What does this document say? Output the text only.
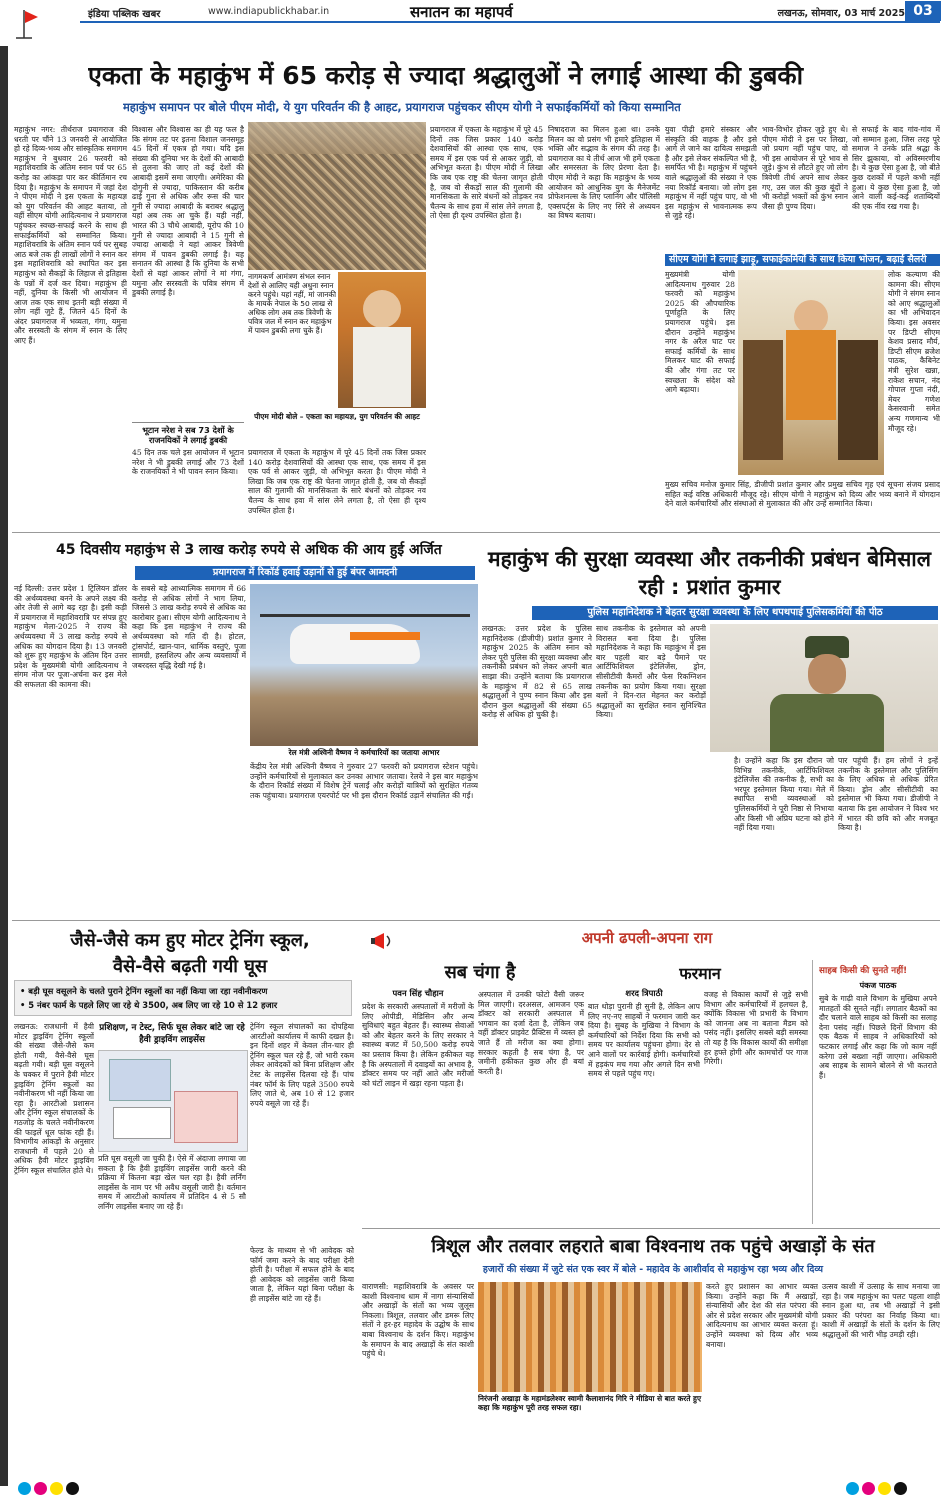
इंडिया पब्लिक खबर	www.indiapublickhabar.in	सनातन का महापर्व	लखनऊ, सोमवार, 03 मार्च 2025 03
एकता के महाकुंभ में 65 करोड़ से ज्यादा श्रद्धालुओं ने लगाई आस्था की डुबकी
महाकुंभ समापन पर बोले पीएम मोदी, ये युग परिवर्तन की है आहट, प्रयागराज पहुंचकर सीएम योगी ने सफाईकर्मियों को किया सम्मानित
महाकुंभ नगर: तीर्थराज प्रयागराज की धरती पर चौंने 13 जनवरी से आयोजित हो रहे दिव्य-भव्य और सांस्कृतिक समागम महाकुंभ ने बुधवार 26 फरवरी को महाशिवरात्रि के अंतिम स्नान पर्व पर 65 करोड़ का आंकड़ा पार कर कीर्तिमान रच दिया है। महाकुंभ के समापन में जहां देश ने पीएम मोदी ने इस एकता के महायज्ञ को युग परिवर्तन की आहट बताया, तो वहीं सीएम योगी आदित्यनाथ ने प्रयागराज पहुंचकर स्वच्छ-सफाई करने के साथ ही सफाईकर्मियों को सम्मानित किया। महाशिवरात्रि के अंतिम स्नान पर्व पर सुबह आठ बजे तक ही लाखों लोगों ने स्नान कर इस महाशिवरात्रि को स्थापित कर इस महाकुंभ को सैकड़ों के लिहाज से इतिहास के पन्नों में दर्ज कर दिया। महाकुंभ ही नहीं, दुनिया के किसी भी आयोजन में आज तक एक साथ इतनी बड़ी संख्या में लोग नहीं जुटे हैं, जितने 45 दिनों के अंदर प्रयागराज में भव्यता, गंगा, यमुना और सरस्वती के संगम में स्नान के लिए आए हैं।
विश्वास और विश्वास का ही यह फल है कि संगम तट पर इतना विशाल जनसमूह 45 दिनों में एकत्र हो गया। यदि इस संख्या की दुनिया भर के देशों की आबादी से तुलना की जाए तो कई देशों की आबादी इसमें समा जाएगी। अमेरिका की दोगुनी से ज्यादा, पाकिस्तान की करीब ढाई गुना से अधिक और रूस की चार गुनी से ज्यादा आबादी के बराबर श्रद्धालु यहां अब तक आ चुके हैं। यही नहीं, भारत की 3 चौथे आबादी, यूरोप की 10 गुनी से ज्यादा आबादी ने 15 गुनी से ज्यादा आबादी ने यहां आकर त्रिवेणी संगम में पावन डुबकी लगाई है। यह सनातन की आस्था है कि दुनिया के सभी देशों से यहां आकर लोगों ने मां गंगा, यमुना और सरस्वती के पवित्र संगम में डुबकी लगाई है।
नागमकर्ण आमंत्रण संभल स्नान देशों से आलिए यही अधुना स्नान करने पहुंचे। यहां नहीं, मां जानकी के मायके नेपाल के 50 लाख से अधिक लोग अब तक त्रिवेणी के पवित्र जल में स्नान कर महाकुंभ में पावन डुबकी लगा चुके हैं।
भूटान नरेश ने सब 73 देशों के राजनयिकों ने लगाई डुबकी
45 दिन तक चले इस आयोजन में भूटान नरेश ने भी डुबकी लगाई और 73 देशों के राजनयिकों ने भी पावन स्नान किया।
पीएम मोदी बोले – एकता का महायज्ञ, युग परिवर्तन की आहट
प्रयागराज में एकता के महाकुंभ में पूरे 45 दिनों तक जिस प्रकार 140 करोड़ देशवासियों की आस्था एक साथ, एक समय में इस एक पर्व से आकर जुड़ी, वो अभिभूत करता है। पीएम मोदी ने लिखा कि जब एक राष्ट्र की चेतना जागृत होती है, जब वो सैकड़ों साल की गुलामी की मानसिकता के सारे बंधनों को तोड़कर नव चैतन्य के साथ हवा में सांस लेने लगता है, तो ऐसा ही दृश्य उपस्थित होता है।
प्रयागराज में एकता के महाकुंभ में पूरे 45 दिनों तक जिस प्रकार 140 करोड़ देशवासियों की आस्था एक साथ, एक समय में इस एक पर्व से आकर जुड़ी, वो अभिभूत करता है। पीएम मोदी ने लिखा कि जब एक राष्ट्र की चेतना जागृत होती है, जब वो सैकड़ों साल की गुलामी की मानसिकता के सारे बंधनों को तोड़कर नव चैतन्य के साथ हवा में सांस लेने लगता है, तो ऐसा ही दृश्य उपस्थित होता है।
निषादराज का मिलन हुआ था। उनके मिलन का वो प्रसंग भी हमारे इतिहास में भक्ति और सद्भाव के संगम की तरह है। प्रयागराज का ये तीर्थ आज भी हमें एकता और समरसता के लिए प्रेरणा देता है। पीएम मोदी ने कहा कि महाकुंभ के भव्य आयोजन को आधुनिक युग के मैनेजमेंट प्रोफेशनल्स के लिए प्लानिंग और पॉलिसी एक्सपर्ट्स के लिए नए सिरे से अध्ययन का विषय बताया।
युवा पीढ़ी हमारे संस्कार और संस्कृति की वाहक है और इसे आगे ले जाने का दायित्व समझती है और इसे लेकर संकल्पित भी है, समर्पित भी है। महाकुंभ में पहुंचने वाले श्रद्धालुओं की संख्या ने एक नया रिकॉर्ड बनाया। जो लोग इस महाकुंभ में नहीं पहुंच पाए, वो भी इस महाकुंभ से भावनात्मक रूप से जुड़े रहे।
भाव-विभोर होकर जुड़े हुए थे। पीएम मोदी ने इस पर लिखा, जो प्रयाग नहीं पहुंच पाए, वो भी इस आयोजन से पूरे भाव से जुड़े। कुंभ से लौटते हुए जो लोग त्रिवेणी तीर्थ अपने साथ लेकर गए, उस जल की कुछ बूंदों ने भी करोड़ों भक्तों को कुंभ स्नान जैसा ही पुण्य दिया।
से सफाई के बाद गांव-गांव में जो सम्मान हुआ, जिस तरह पूरे समाज ने उनके प्रति श्रद्धा के सिर झुकाया, वो अविस्मरणीय है। ये कुछ ऐसा हुआ है, जो बीते कुछ दशकों में पहले कभी नहीं हुआ। ये कुछ ऐसा हुआ है, जो आने वाली कई-कई शताब्दियों की एक नींव रख गया है।
सीएम योगी ने लगाई झाड़ू, सफाईकर्मियों के साथ किया भोजन, बढ़ाई सैलरी
मुख्यमंत्री योगी आदित्यनाथ गुरुवार 28 फरवरी को महाकुंभ 2025 की औपचारिक पूर्णाहुति के लिए प्रयागराज पहुंचे। इस दौरान उन्होंने महाकुंभ नगर के अरैल घाट पर सफाई कर्मियों के साथ मिलकर घाट की सफाई की और गंगा तट पर स्वच्छता के संदेश को आगे बढ़ाया।
लोक कल्याण की कामना की। सीएम योगी ने संगम स्नान को आए श्रद्धालुओं का भी अभिवादन किया। इस अवसर पर डिप्टी सीएम केशव प्रसाद मौर्य, डिप्टी सीएम ब्रजेश पाठक, कैबिनेट मंत्री सुरेश खन्ना, राकेश सचान, नंद गोपाल गुप्ता नंदी, मेयर गणेश केसरवानी समेत अन्य गणमान्य भी मौजूद रहे।
मुख्य सचिव मनोज कुमार सिंह, डीजीपी प्रशांत कुमार और प्रमुख सचिव गृह एवं सूचना संजय प्रसाद सहित कई वरिष्ठ अधिकारी मौजूद रहे। सीएम योगी ने महाकुंभ को दिव्य और भव्य बनाने में योगदान देने वाले कर्मचारियों और संस्थाओं से मुलाकात की और उन्हें सम्मानित किया।
45 दिवसीय महाकुंभ से 3 लाख करोड़ रुपये से अधिक की आय हुई अर्जित
प्रयागराज में रिकॉर्ड हवाई उड़ानों से हुई बंपर आमदनी
नई दिल्ली: उत्तर प्रदेश 1 ट्रिलियन डॉलर की अर्थव्यवस्था बनने के अपने लक्ष्य की ओर तेजी से आगे बढ़ रहा है। इसी कड़ी में प्रयागराज में महाशिवरात्रि पर संपन्न हुए महाकुंभ मेला-2025 ने राज्य की अर्थव्यवस्था में 3 लाख करोड़ रुपये से अधिक का योगदान दिया है। 13 जनवरी को शुरू हुए महाकुंभ के अंतिम दिन उत्तर प्रदेश के मुख्यमंत्री योगी आदित्यनाथ ने संगम नोज पर पूजा-अर्चना कर इस मेले की सफलता की कामना की।
के सबसे बड़े आध्यात्मिक समागम में 66 करोड़ से अधिक लोगों ने भाग लिया, जिससे 3 लाख करोड़ रुपये से अधिक का कारोबार हुआ। सीएम योगी आदित्यनाथ ने कहा कि इस महाकुंभ ने राज्य की अर्थव्यवस्था को गति दी है। होटल, ट्रांसपोर्ट, खान-पान, धार्मिक वस्तुएं, पूजा सामग्री, हस्तशिल्प और अन्य व्यवसायों में जबरदस्त वृद्धि देखी गई है।
रेल मंत्री अश्विनी वैष्णव ने कर्मचारियों का जताया आभार
केंद्रीय रेल मंत्री अश्विनी वैष्णव ने गुरुवार 27 फरवरी को प्रयागराज स्टेशन पहुंचे। उन्होंने कर्मचारियों से मुलाकात कर उनका आभार जताया। रेलवे ने इस बार महाकुंभ के दौरान रिकॉर्ड संख्या में विशेष ट्रेनें चलाईं और करोड़ों यात्रियों को सुरक्षित गंतव्य तक पहुंचाया। प्रयागराज एयरपोर्ट पर भी इस दौरान रिकॉर्ड उड़ानें संचालित की गईं।
महाकुंभ की सुरक्षा व्यवस्था और तकनीकी प्रबंधन बेमिसाल रही : प्रशांत कुमार
पुलिस महानिदेशक ने बेहतर सुरक्षा व्यवस्था के लिए थपथपाई पुलिसकर्मियों की पीठ
लखनऊ: उत्तर प्रदेश के पुलिस महानिदेशक (डीजीपी) प्रशांत कुमार ने महाकुंभ 2025 के अंतिम स्नान को लेकर पूरी पुलिस की सुरक्षा व्यवस्था और तकनीकी प्रबंधन को लेकर अपनी बात साझा की। उन्होंने बताया कि प्रयागराज के महाकुंभ में 82 से 65 लाख श्रद्धालुओं ने पुण्य स्नान किया और इस दौरान कुल श्रद्धालुओं की संख्या 65 करोड़ से अधिक हो चुकी है।
साथ तकनीक के इस्तेमाल को अपनी विरासत बना दिया है। पुलिस महानिदेशक ने कहा कि महाकुंभ में इस बार पहली बार बड़े पैमाने पर आर्टिफिशियल इंटेलिजेंस, ड्रोन, सीसीटीवी कैमरों और फेस रिकग्निशन तकनीक का प्रयोग किया गया। सुरक्षा बलों ने दिन-रात मेहनत कर करोड़ों श्रद्धालुओं का सुरक्षित स्नान सुनिश्चित किया।
है। उन्होंने कहा कि इस दौरान जो विभिन्न तकनीकें, आर्टिफिशियल इंटेलिजेंस की तकनीक है, सभी का भरपूर इस्तेमाल किया गया। मेले में स्थापित सभी व्यवस्थाओं को पुलिसकर्मियों ने पूरी निष्ठा से निभाया और किसी भी अप्रिय घटना को होने नहीं दिया गया।
पार पहुंची हैं। हम लोगों ने इन्हें तकनीक के इस्तेमाल और पुलिसिंग के लिए अधिक से अधिक प्रेरित किया। ड्रोन और सीसीटीवी का इस्तेमाल भी किया गया। डीजीपी ने बताया कि इस आयोजन ने विश्व भर में भारत की छवि को और मजबूत किया है।
जैसे-जैसे कम हुए मोटर ट्रेनिंग स्कूल,
वैसे-वैसे बढ़ती गयी घूस
• बड़ी घूस वसूलने के चलते पुराने ट्रेनिंग स्कूलों का नहीं किया जा रहा नवीनीकरण
• 5 नंबर फार्म के पहले लिए जा रहे थे 3500, अब लिए जा रहे 10 से 12 हजार
लखनऊ: राजधानी में हैवी मोटर ड्राइविंग ट्रेनिंग स्कूलों की संख्या जैसे-जैसे कम होती गयी, वैसे-वैसे घूस बढ़ती गयी। बड़ी घूस वसूलने के चक्कर में पुराने हैवी मोटर ड्राइविंग ट्रेनिंग स्कूलों का नवीनीकरण भी नहीं किया जा रहा है। आरटीओ प्रशासन और ट्रेनिंग स्कूल संचालकों के गठजोड़ के चलते नवीनीकरण की फाइलें धूल फांक रही हैं। विभागीय आंकड़ों के अनुसार राजधानी में पहले 20 से अधिक हैवी मोटर ड्राइविंग ट्रेनिंग स्कूल संचालित होते थे।
प्रशिक्षण, न टेस्ट, सिर्फ घूस लेकर बांटे जा रहे हैवी ड्राइविंग लाइसेंस
ट्रेनिंग स्कूल संचालकों का दोपहिया आरटीओ कार्यालय में काफी दखल है। इन दिनों शहर में केवल तीन-चार ही ट्रेनिंग स्कूल चल रहे हैं, जो भारी रकम लेकर आवेदकों को बिना प्रशिक्षण और टेस्ट के लाइसेंस दिलवा रहे हैं। पांच नंबर फॉर्म के लिए पहले 3500 रुपये लिए जाते थे, अब 10 से 12 हजार रुपये वसूले जा रहे हैं।
प्रति घूस वसूली जा चुकी है। ऐसे में अंदाजा लगाया जा सकता है कि हैवी ड्राइविंग लाइसेंस जारी करने की प्रक्रिया में कितना बड़ा खेल चल रहा है। हैवी लर्निंग लाइसेंस के नाम पर भी अवैध वसूली जारी है। वर्तमान समय में आरटीओ कार्यालय में प्रतिदिन 4 से 5 सौ लर्निंग लाइसेंस बनाए जा रहे हैं।
फेल्ड के माध्यम से भी आवेदक को फॉर्म जमा करने के बाद परीक्षा देनी होती है। परीक्षा में सफल होने के बाद ही आवेदक को लाइसेंस जारी किया जाता है, लेकिन यहां बिना परीक्षा के ही लाइसेंस बांटे जा रहे हैं।
अपनी ढपली-अपना राग
सब चंगा है
पवन सिंह चौहान
प्रदेश के सरकारी अस्पतालों में मरीजों के लिए ओपीडी, मेडिसिन और अन्य सुविधाएं बहुत बेहतर हैं। स्वास्थ्य सेवाओं को और बेहतर करने के लिए सरकार ने स्वास्थ्य बजट में 50,500 करोड़ रुपये का प्रस्ताव किया है। लेकिन हकीकत यह है कि अस्पतालों में दवाइयों का अभाव है, डॉक्टर समय पर नहीं आते और मरीजों को घंटों लाइन में खड़ा रहना पड़ता है।
अस्पताल में उनकी फोटो वैसी जरूर मिल जाएगी। दरअसल, आमजन एक डॉक्टर को सरकारी अस्पताल में भगवान का दर्जा देता है, लेकिन जब वहीं डॉक्टर प्राइवेट प्रैक्टिस में व्यस्त हो जाते हैं तो मरीज का क्या होगा। सरकार कहती है सब चंगा है, पर जमीनी हकीकत कुछ और ही बयां करती है।
फरमान
शरद त्रिपाठी
बात थोड़ा पुरानी ही सुनी है, लेकिन आप लिए नए-नए साहबों ने फरमान जारी कर दिया है। सुबह के मुखिया ने विभाग के कर्मचारियों को निर्देश दिया कि सभी को समय पर कार्यालय पहुंचना होगा। देर से आने वालों पर कार्रवाई होगी। कर्मचारियों में हड़कंप मच गया और अगले दिन सभी समय से पहले पहुंच गए।
वजह से विकास कार्यों से जुड़े सभी विभाग और कर्मचारियों में हलचल है, क्योंकि विकास भी प्रभारी के विभाग को जानना अब ना बताना मैडम को पसंद नहीं। इसलिए सबसे बड़ी समस्या तो यह है कि विकास कार्यों की समीक्षा हर हफ्ते होगी और कामचोरों पर गाज गिरेगी।
साहब किसी की सुनते नहीं!
पंकज पाठक
सुबे के गाढ़ी वाले विभाग के मुखिया अपने मातहतों की सुनते नहीं। लगातार बैठकों का दौर चलाने वाले साहब को किसी का सलाह देना पसंद नहीं। पिछले दिनों विभाग की एक बैठक में साहब ने अधिकारियों को फटकार लगाई और कहा कि जो काम नहीं करेगा उसे बख्शा नहीं जाएगा। अधिकारी अब साहब के सामने बोलने से भी कतराते हैं।
त्रिशूल और तलवार लहराते बाबा विश्वनाथ तक पहुंचे अखाड़ों के संत
हजारों की संख्या में जुटे संत एक स्वर में बोले - महादेव के आशीर्वाद से महाकुंभ रहा भव्य और दिव्य
वाराणसी: महाशिवरात्रि के अवसर पर काशी विश्वनाथ धाम में नागा संन्यासियों और अखाड़ों के संतों का भव्य जुलूस निकला। त्रिशूल, तलवार और डमरू लिए संतों ने हर-हर महादेव के उद्घोष के साथ बाबा विश्वनाथ के दर्शन किए। महाकुंभ के समापन के बाद अखाड़ों के संत काशी पहुंचे थे।
निरंजनी अखाड़ा के महामंडलेश्वर स्वामी कैलाशानंद गिरि ने मीडिया से बात करते हुए कहा कि महाकुंभ पूरी तरह सफल रहा।
करते हुए प्रशासन का आभार व्यक्त किया। उन्होंने कहा कि मैं अखाड़ों, संन्यासियों और देश की संत परंपरा की ओर से प्रदेश सरकार और मुख्यमंत्री योगी आदित्यनाथ का आभार व्यक्त करता हूं। उन्होंने व्यवस्था को दिव्य और भव्य बनाया।
उत्सव काशी में उत्साह के साथ मनाया जा रहा है। जब महाकुंभ का पलट पहला शाही स्नान हुआ था, तब भी अखाड़ों ने इसी प्रकार की परंपरा का निर्वाह किया था। काशी में अखाड़ों के संतों के दर्शन के लिए श्रद्धालुओं की भारी भीड़ उमड़ी रही।
